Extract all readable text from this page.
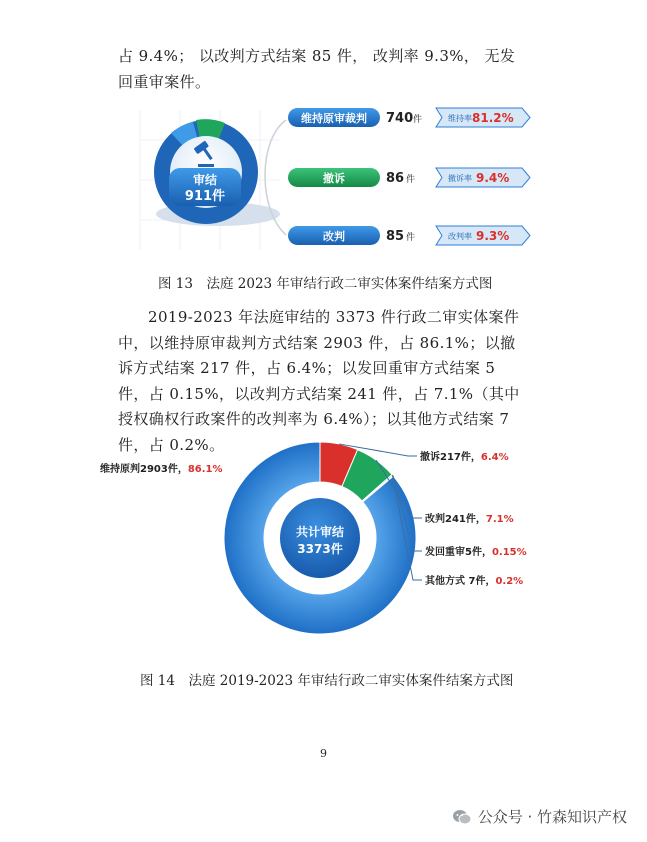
占 9.4%； 以改判方式结案 85 件， 改判率 9.3%， 无发回重审案件。

审结
911件
维持原审裁判 740 件	维持率 81.2%
撤诉	86 件	撤诉率 9.4%
改判	85 件	改判率 9.3%
图 13　法庭 2023 年审结行政二审实体案件结案方式图

2019-2023 年法庭审结的 3373 件行政二审实体案件中，以维持原审裁判方式结案 2903 件，占 86.1%；以撤诉方式结案 217 件，占 6.4%；以发回重审方式结案 5 件，占 0.15%，以改判方式结案 241 件，占 7.1%（其中授权确权行政案件的改判率为 6.4%）；以其他方式结案 7 件，占 0.2%。

共计审结
3373件
维持原判2903件，86.1%
撤诉217件，6.4%
改判241件，7.1%
发回重审5件，0.15%
其他方式 7件，0.2%
图 14　法庭 2019-2023 年审结行政二审实体案件结案方式图
9
公众号 · 竹森知识产权
